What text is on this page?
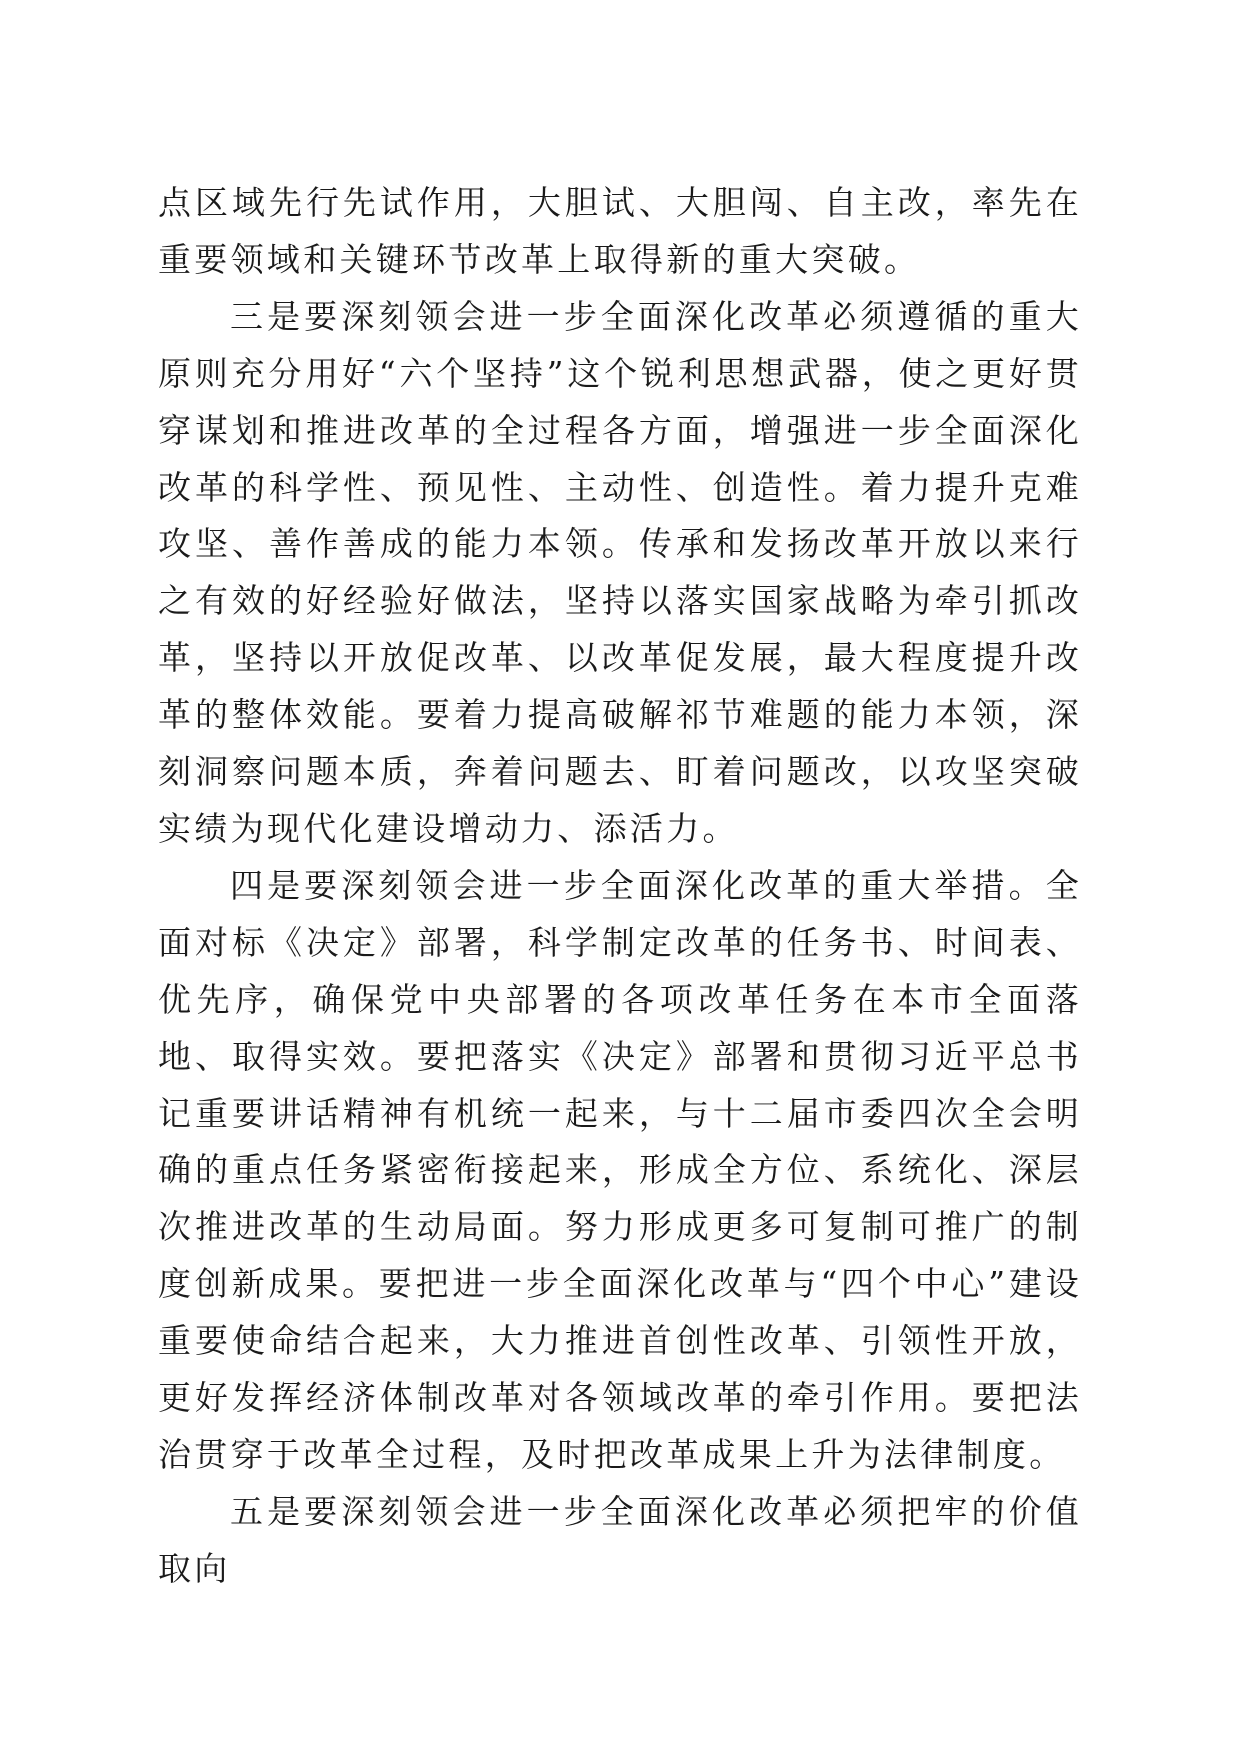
点区域先行先试作用，大胆试、大胆闯、自主改，率先在重要领域和关键环节改革上取得新的重大突破。

三是要深刻领会进一步全面深化改革必须遵循的重大原则充分用好“六个坚持”这个锐利思想武器，使之更好贯穿谋划和推进改革的全过程各方面，增强进一步全面深化改革的科学性、预见性、主动性、创造性。着力提升克难攻坚、善作善成的能力本领。传承和发扬改革开放以来行之有效的好经验好做法，坚持以落实国家战略为牵引抓改革，坚持以开放促改革、以改革促发展，最大程度提升改革的整体效能。要着力提高破解祁节难题的能力本领，深刻洞察问题本质，奔着问题去、盯着问题改，以攻坚突破实绩为现代化建设增动力、添活力。

四是要深刻领会进一步全面深化改革的重大举措。全面对标《决定》部署，科学制定改革的任务书、时间表、优先序，确保党中央部署的各项改革任务在本市全面落地、取得实效。要把落实《决定》部署和贯彻习近平总书记重要讲话精神有机统一起来，与十二届市委四次全会明确的重点任务紧密衔接起来，形成全方位、系统化、深层次推进改革的生动局面。努力形成更多可复制可推广的制度创新成果。要把进一步全面深化改革与“四个中心”建设重要使命结合起来，大力推进首创性改革、引领性开放，更好发挥经济体制改革对各领域改革的牵引作用。要把法治贯穿于改革全过程，及时把改革成果上升为法律制度。

五是要深刻领会进一步全面深化改革必须把牢的价值取向
